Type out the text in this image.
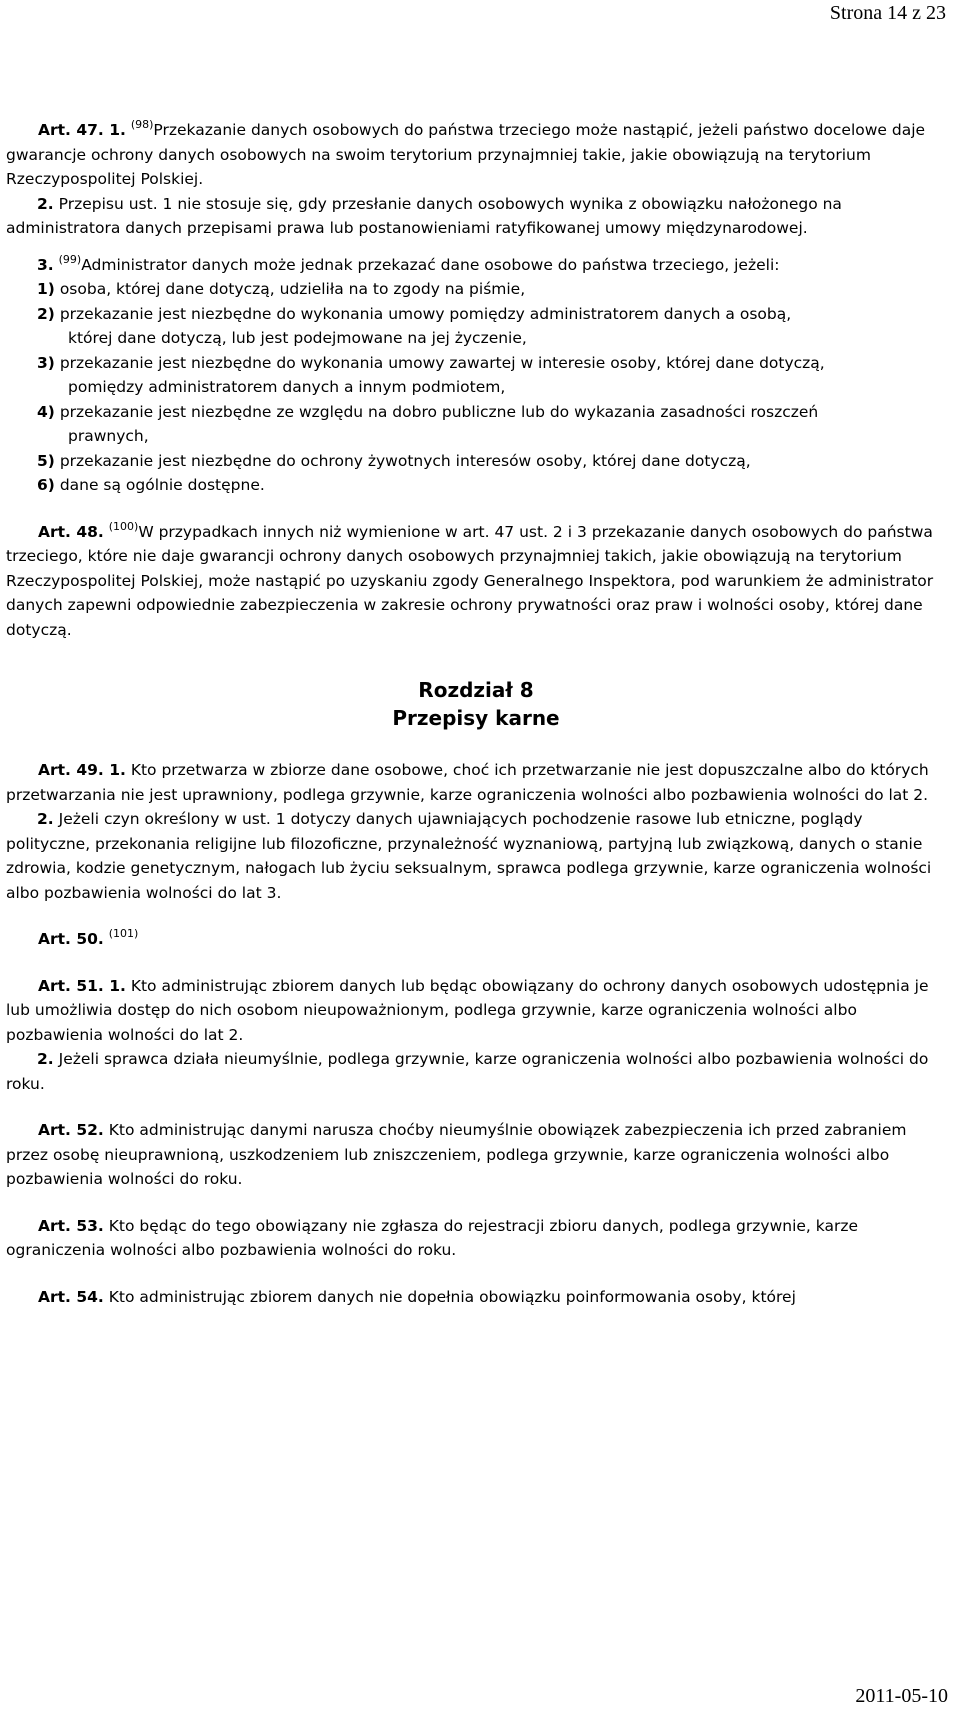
Strona 14 z 23

Art. 47. 1. $^{(98)}$Przekazanie danych osobowych do państwa trzeciego może nastąpić, jeżeli państwo docelowe daje gwarancje ochrony danych osobowych na swoim terytorium przynajmniej takie, jakie obowiązują na terytorium Rzeczypospolitej Polskiej.

2. Przepisu ust. 1 nie stosuje się, gdy przesłanie danych osobowych wynika z obowiązku nałożonego na administratora danych przepisami prawa lub postanowieniami ratyfikowanej umowy międzynarodowej.

3. $^{(99)}$Administrator danych może jednak przekazać dane osobowe do państwa trzeciego, jeżeli:

1) osoba, której dane dotyczą, udzieliła na to zgody na piśmie,

2) przekazanie jest niezbędne do wykonania umowy pomiędzy administratorem danych a osobą,

której dane dotyczą, lub jest podejmowane na jej życzenie,

3) przekazanie jest niezbędne do wykonania umowy zawartej w interesie osoby, której dane dotyczą,

pomiędzy administratorem danych a innym podmiotem,

4) przekazanie jest niezbędne ze względu na dobro publiczne lub do wykazania zasadności roszczeń

prawnych,

5) przekazanie jest niezbędne do ochrony żywotnych interesów osoby, której dane dotyczą,

6) dane są ogólnie dostępne.

Art. 48. $^{(100)}$W przypadkach innych niż wymienione w art. 47 ust. 2 i 3 przekazanie danych osobowych do państwa trzeciego, które nie daje gwarancji ochrony danych osobowych przynajmniej takich, jakie obowiązują na terytorium Rzeczypospolitej Polskiej, może nastąpić po uzyskaniu zgody Generalnego Inspektora, pod warunkiem że administrator danych zapewni odpowiednie zabezpieczenia w zakresie ochrony prywatności oraz praw i wolności osoby, której dane dotyczą.

Rozdział 8
Przepisy karne

Art. 49. 1. Kto przetwarza w zbiorze dane osobowe, choć ich przetwarzanie nie jest dopuszczalne albo do których przetwarzania nie jest uprawniony, podlega grzywnie, karze ograniczenia wolności albo pozbawienia wolności do lat 2.

2. Jeżeli czyn określony w ust. 1 dotyczy danych ujawniających pochodzenie rasowe lub etniczne, poglądy polityczne, przekonania religijne lub filozoficzne, przynależność wyznaniową, partyjną lub związkową, danych o stanie zdrowia, kodzie genetycznym, nałogach lub życiu seksualnym, sprawca podlega grzywnie, karze ograniczenia wolności albo pozbawienia wolności do lat 3.

Art. 50. $^{(101)}$

Art. 51. 1. Kto administrując zbiorem danych lub będąc obowiązany do ochrony danych osobowych udostępnia je lub umożliwia dostęp do nich osobom nieupoważnionym, podlega grzywnie, karze ograniczenia wolności albo pozbawienia wolności do lat 2.

2. Jeżeli sprawca działa nieumyślnie, podlega grzywnie, karze ograniczenia wolności albo pozbawienia wolności do roku.

Art. 52. Kto administrując danymi narusza choćby nieumyślnie obowiązek zabezpieczenia ich przed zabraniem przez osobę nieuprawnioną, uszkodzeniem lub zniszczeniem, podlega grzywnie, karze ograniczenia wolności albo pozbawienia wolności do roku.

Art. 53. Kto będąc do tego obowiązany nie zgłasza do rejestracji zbioru danych, podlega grzywnie, karze ograniczenia wolności albo pozbawienia wolności do roku.

Art. 54. Kto administrując zbiorem danych nie dopełnia obowiązku poinformowania osoby, której

2011-05-10
